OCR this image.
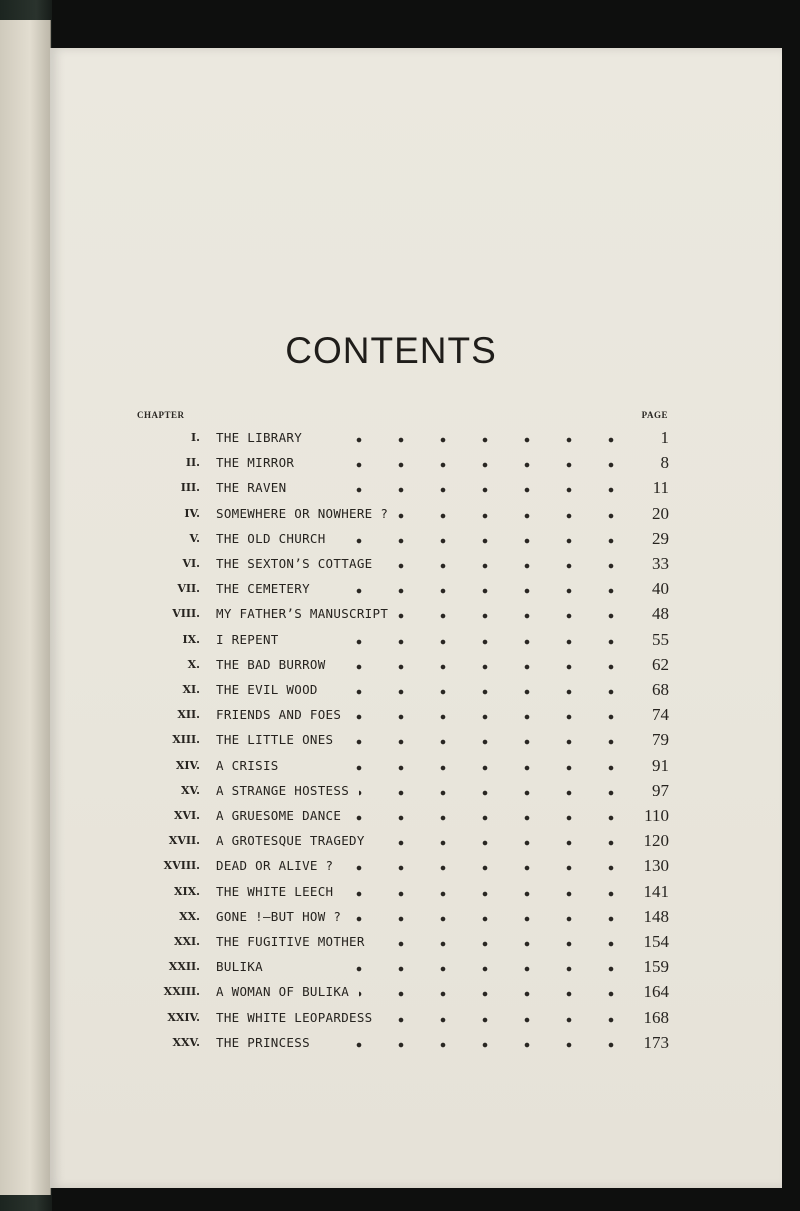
CONTENTS
CHAPTER	PAGE
I. THE LIBRARY	1
II. THE MIRROR	8
III. THE RAVEN	11
IV. SOMEWHERE OR NOWHERE ?	20
V. THE OLD CHURCH	29
VI. THE SEXTON’S COTTAGE	33
VII. THE CEMETERY	40
VIII. MY FATHER’S MANUSCRIPT	48
IX. I REPENT	55
X. THE BAD BURROW	62
XI. THE EVIL WOOD	68
XII. FRIENDS AND FOES	74
XIII. THE LITTLE ONES	79
XIV. A CRISIS	91
XV. A STRANGE HOSTESS	97
XVI. A GRUESOME DANCE	110
XVII. A GROTESQUE TRAGEDY	120
XVIII. DEAD OR ALIVE ?	130
XIX. THE WHITE LEECH	141
XX. GONE !—BUT HOW ?	148
XXI. THE FUGITIVE MOTHER	154
XXII. BULIKA	159
XXIII. A WOMAN OF BULIKA	164
XXIV. THE WHITE LEOPARDESS	168
XXV. THE PRINCESS	173
